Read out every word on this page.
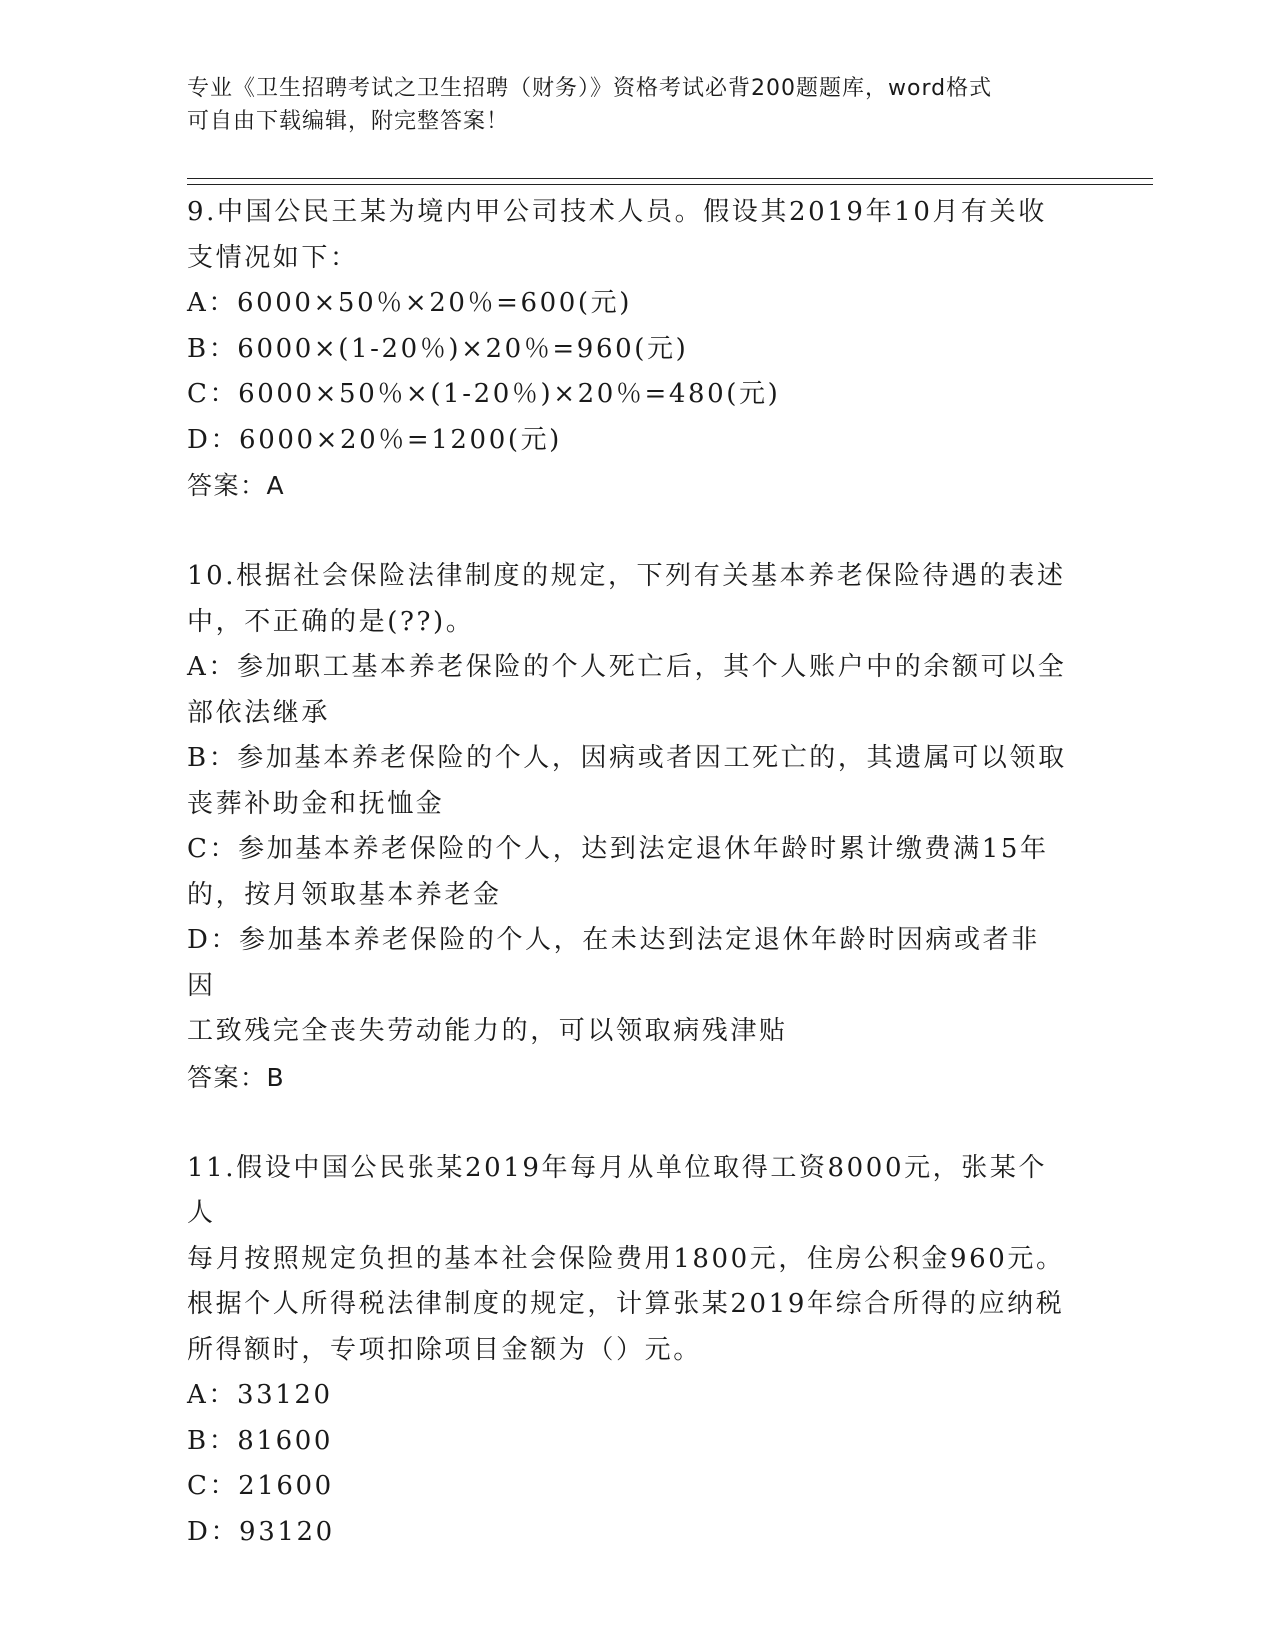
专业《卫生招聘考试之卫生招聘（财务）》资格考试必背200题题库，word格式
可自由下载编辑，附完整答案！
9.中国公民王某为境内甲公司技术人员。假设其2019年10月有关收
支情况如下：
A：6000×50％×20％=600(元)
B：6000×(1-20％)×20％=960(元)
C：6000×50％×(1-20％)×20％=480(元)
D：6000×20％=1200(元)
答案：A
10.根据社会保险法律制度的规定，下列有关基本养老保险待遇的表述
中，不正确的是(??)。
A：参加职工基本养老保险的个人死亡后，其个人账户中的余额可以全
部依法继承
B：参加基本养老保险的个人，因病或者因工死亡的，其遗属可以领取
丧葬补助金和抚恤金
C：参加基本养老保险的个人，达到法定退休年龄时累计缴费满15年
的，按月领取基本养老金
D：参加基本养老保险的个人，在未达到法定退休年龄时因病或者非因
工致残完全丧失劳动能力的，可以领取病残津贴
答案：B
11.假设中国公民张某2019年每月从单位取得工资8000元，张某个人
每月按照规定负担的基本社会保险费用1800元，住房公积金960元。
根据个人所得税法律制度的规定，计算张某2019年综合所得的应纳税
所得额时，专项扣除项目金额为（）元。
A：33120
B：81600
C：21600
D：93120
